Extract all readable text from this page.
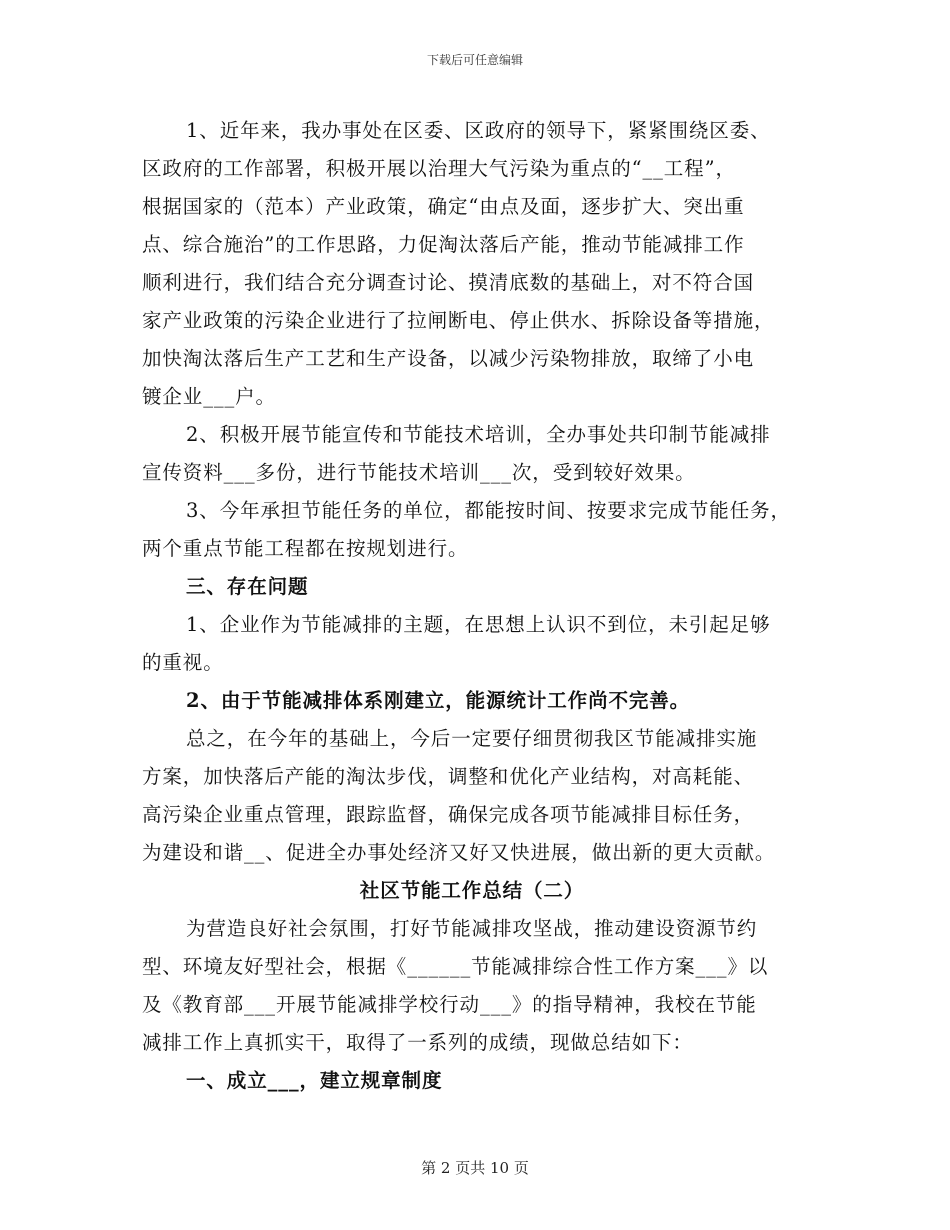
下载后可任意编辑
1、近年来，我办事处在区委、区政府的领导下，紧紧围绕区委、
区政府的工作部署，积极开展以治理大气污染为重点的“__工程”，
根据国家的（范本）产业政策，确定“由点及面，逐步扩大、突出重
点、综合施治”的工作思路，力促淘汰落后产能，推动节能减排工作
顺利进行，我们结合充分调查讨论、摸清底数的基础上，对不符合国
家产业政策的污染企业进行了拉闸断电、停止供水、拆除设备等措施，
加快淘汰落后生产工艺和生产设备，以减少污染物排放，取缔了小电
镀企业___户。
2、积极开展节能宣传和节能技术培训，全办事处共印制节能减排
宣传资料___多份，进行节能技术培训___次，受到较好效果。
3、今年承担节能任务的单位，都能按时间、按要求完成节能任务，
两个重点节能工程都在按规划进行。
三、存在问题
1、企业作为节能减排的主题，在思想上认识不到位，未引起足够
的重视。
2、由于节能减排体系刚建立，能源统计工作尚不完善。
总之，在今年的基础上，今后一定要仔细贯彻我区节能减排实施
方案，加快落后产能的淘汰步伐，调整和优化产业结构，对高耗能、
高污染企业重点管理，跟踪监督，确保完成各项节能减排目标任务，
为建设和谐__、促进全办事处经济又好又快进展，做出新的更大贡献。
社区节能工作总结（二）
为营造良好社会氛围，打好节能减排攻坚战，推动建设资源节约
型、环境友好型社会，根据《______节能减排综合性工作方案___》以
及《教育部___开展节能减排学校行动___》的指导精神，我校在节能
减排工作上真抓实干，取得了一系列的成绩，现做总结如下：
一、成立___，建立规章制度
第 2 页共 10 页
